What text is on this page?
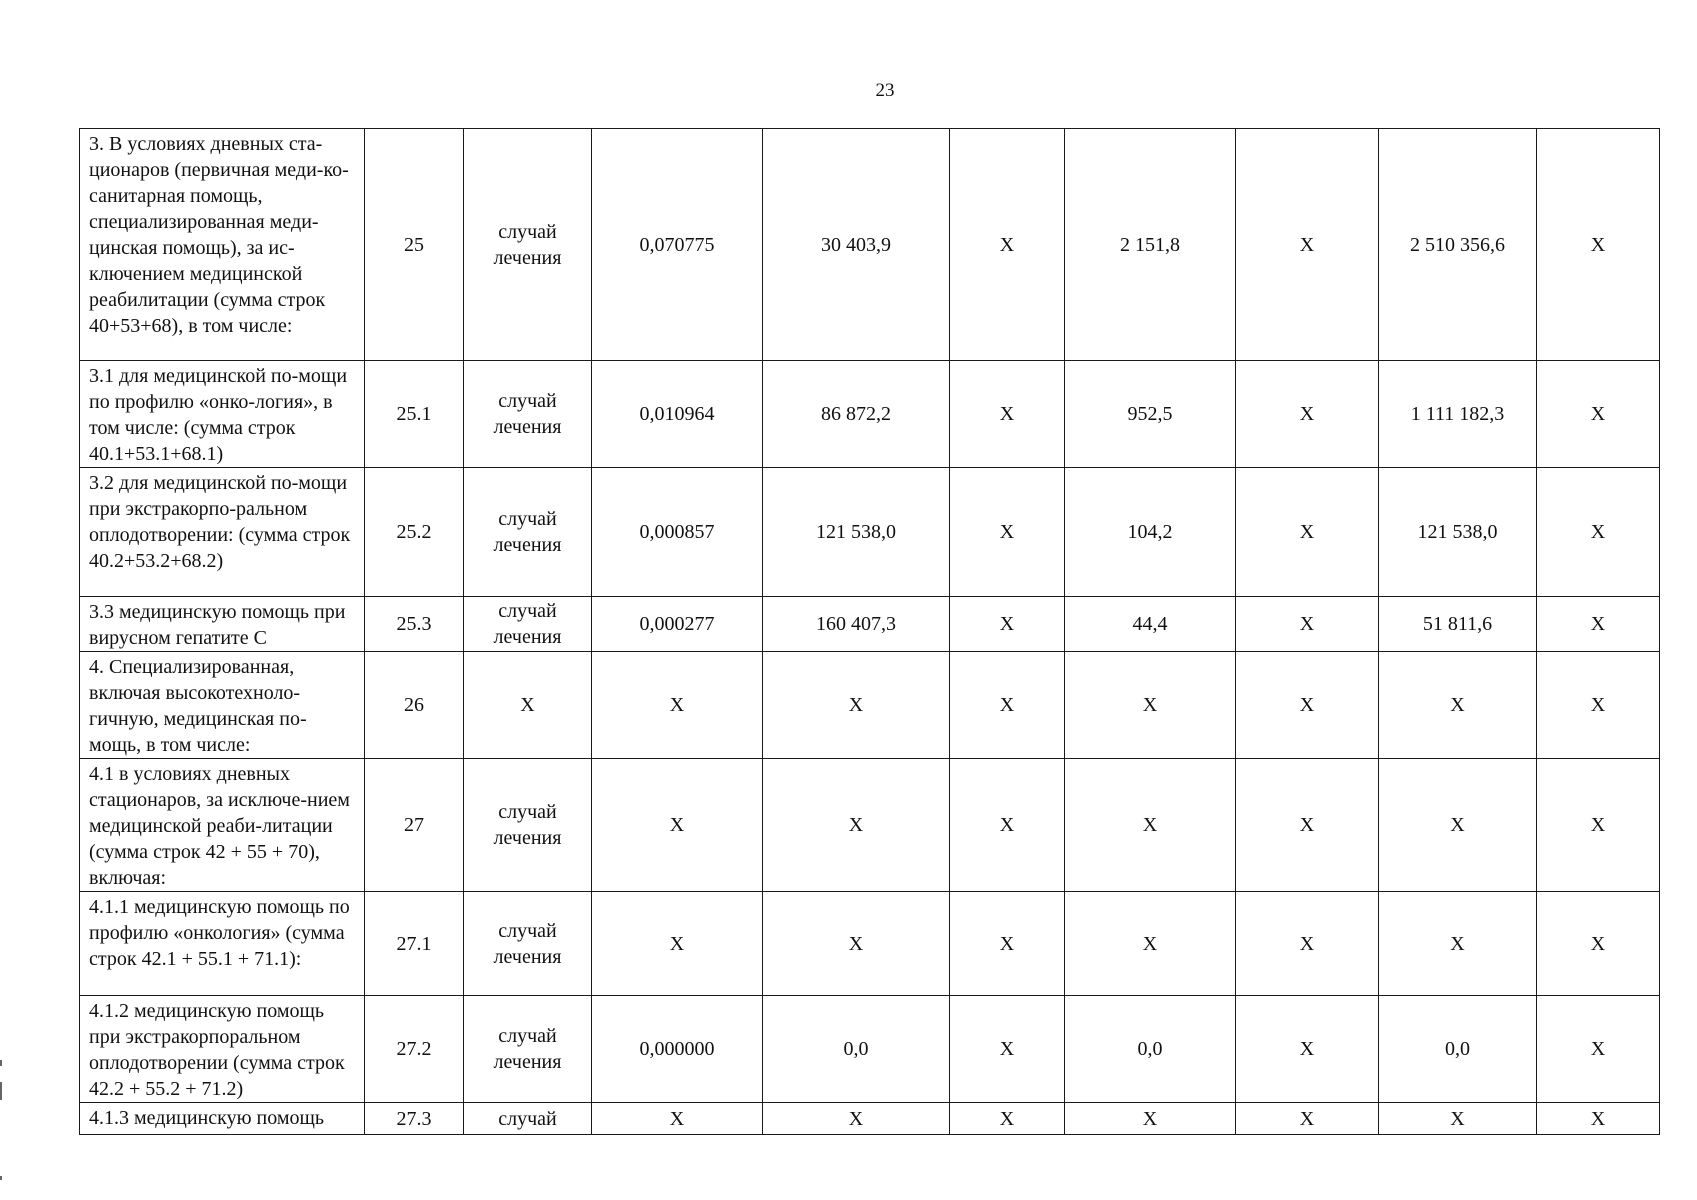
23
3. В условиях дневных ста-ционаров (первичная меди-ко-санитарная помощь, специализированная меди-цинская помощь), за ис-ключением медицинской реабилитации (сумма строк 40+53+68), в том числе:	25	случай лечения	0,070775	30 403,9	X	2 151,8	X	2 510 356,6	X
3.1 для медицинской по-мощи по профилю «онко-логия», в том числе: (сумма строк 40.1+53.1+68.1)	25.1	случай лечения	0,010964	86 872,2	X	952,5	X	1 111 182,3	X
3.2 для медицинской по-мощи при экстракорпо-ральном оплодотворении: (сумма строк 40.2+53.2+68.2)	25.2	случай лечения	0,000857	121 538,0	X	104,2	X	121 538,0	X
3.3 медицинскую помощь при вирусном гепатите С	25.3	случай лечения	0,000277	160 407,3	X	44,4	X	51 811,6	X
4. Специализированная, включая высокотехноло-гичную, медицинская по-мощь, в том числе:	26	X	X	X	X	X	X	X	X
4.1 в условиях дневных стационаров, за исключе-нием медицинской реаби-литации (сумма строк 42 + 55 + 70), включая:	27	случай лечения	X	X	X	X	X	X	X
4.1.1 медицинскую помощь по профилю «онкология» (сумма строк 42.1 + 55.1 + 71.1):	27.1	случай лечения	X	X	X	X	X	X	X
4.1.2 медицинскую помощь при экстракорпоральном оплодотворении (сумма строк 42.2 + 55.2 + 71.2)	27.2	случай лечения	0,000000	0,0	X	0,0	X	0,0	X
4.1.3 медицинскую помощь	27.3	случай	X	X	X	X	X	X	X
